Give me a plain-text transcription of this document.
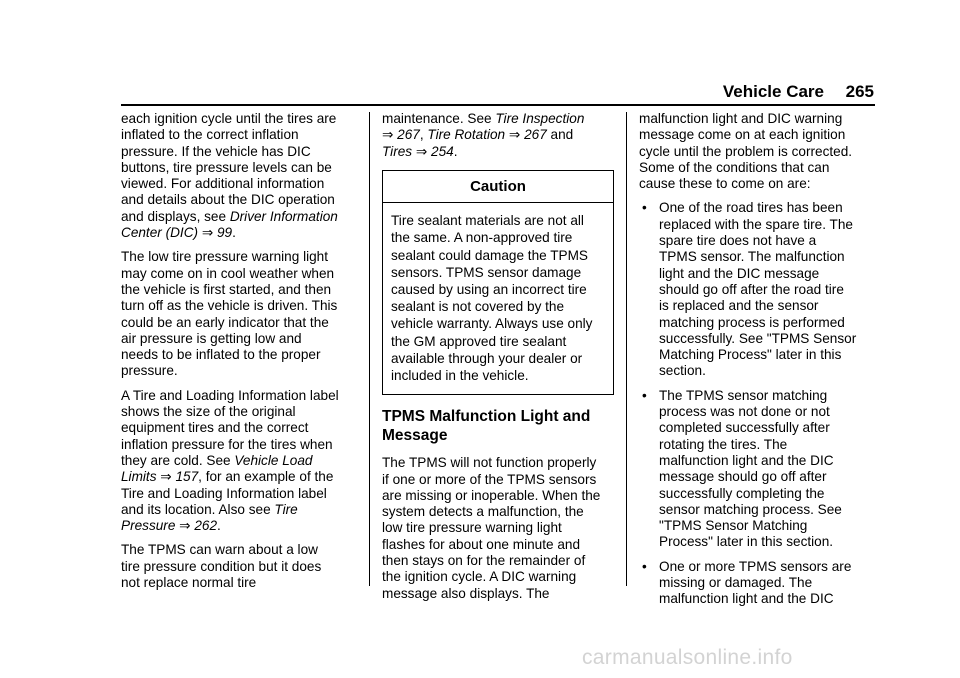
Vehicle Care 265

each ignition cycle until the tires are
inflated to the correct inflation
pressure. If the vehicle has DIC
buttons, tire pressure levels can be
viewed. For additional information
and details about the DIC operation
and displays, see Driver Information
Center (DIC) ⇒ 99.

The low tire pressure warning light
may come on in cool weather when
the vehicle is first started, and then
turn off as the vehicle is driven. This
could be an early indicator that the
air pressure is getting low and
needs to be inflated to the proper
pressure.

A Tire and Loading Information label
shows the size of the original
equipment tires and the correct
inflation pressure for the tires when
they are cold. See Vehicle Load
Limits ⇒ 157, for an example of the
Tire and Loading Information label
and its location. Also see Tire
Pressure ⇒ 262.

The TPMS can warn about a low
tire pressure condition but it does
not replace normal tire

maintenance. See Tire Inspection
⇒ 267, Tire Rotation ⇒ 267 and
Tires ⇒ 254.

Caution
Tire sealant materials are not all
the same. A non-approved tire
sealant could damage the TPMS
sensors. TPMS sensor damage
caused by using an incorrect tire
sealant is not covered by the
vehicle warranty. Always use only
the GM approved tire sealant
available through your dealer or
included in the vehicle.
TPMS Malfunction Light and
Message

The TPMS will not function properly
if one or more of the TPMS sensors
are missing or inoperable. When the
system detects a malfunction, the
low tire pressure warning light
flashes for about one minute and
then stays on for the remainder of
the ignition cycle. A DIC warning
message also displays. The

malfunction light and DIC warning
message come on at each ignition
cycle until the problem is corrected.
Some of the conditions that can
cause these to come on are:

• One of the road tires has been
replaced with the spare tire. The
spare tire does not have a
TPMS sensor. The malfunction
light and the DIC message
should go off after the road tire
is replaced and the sensor
matching process is performed
successfully. See "TPMS Sensor
Matching Process" later in this
section.
• The TPMS sensor matching
process was not done or not
completed successfully after
rotating the tires. The
malfunction light and the DIC
message should go off after
successfully completing the
sensor matching process. See
"TPMS Sensor Matching
Process" later in this section.
• One or more TPMS sensors are
missing or damaged. The
malfunction light and the DIC
carmanualsonline.info
